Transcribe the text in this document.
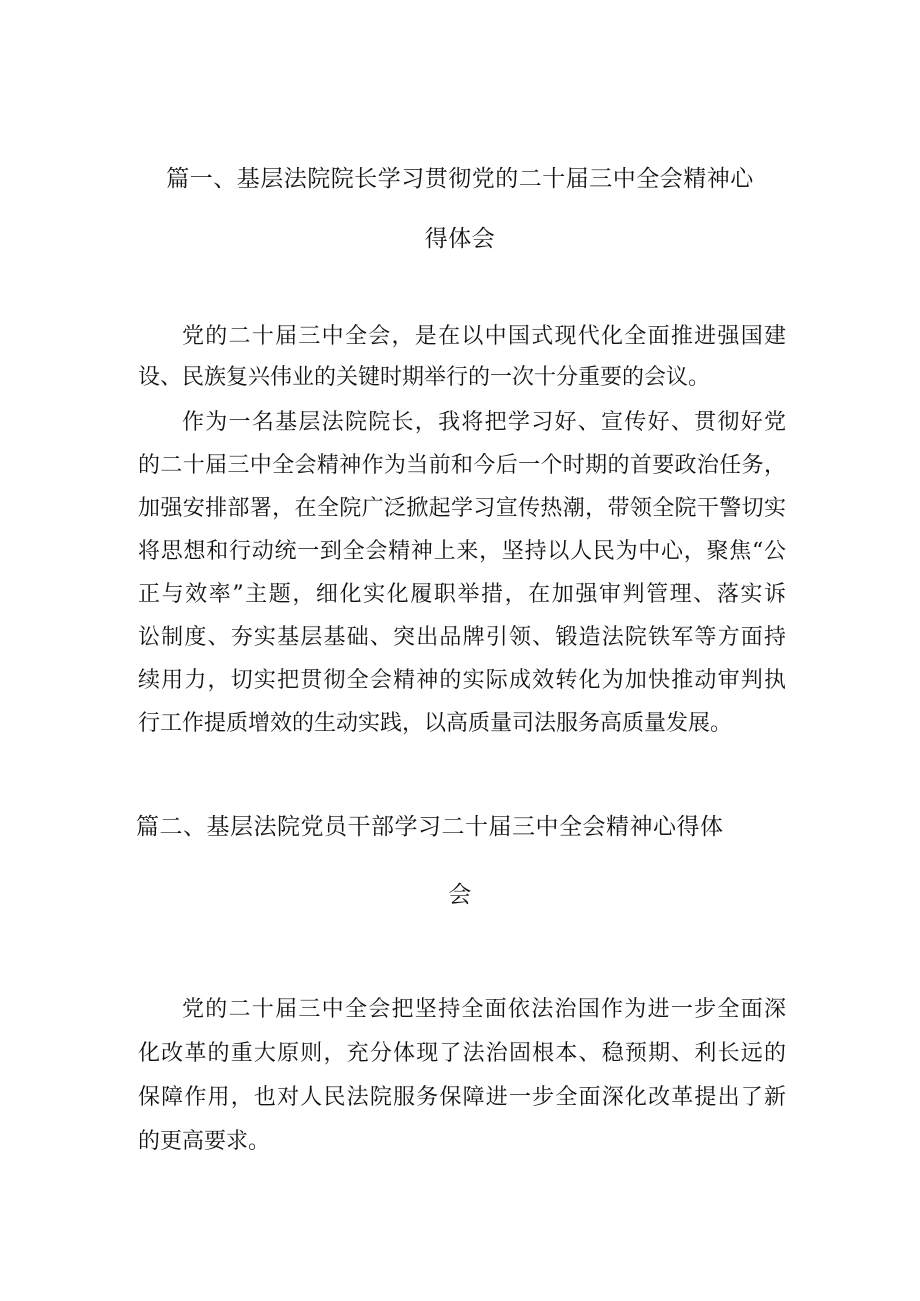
篇一、基层法院院长学习贯彻党的二十届三中全会精神心
得体会
党的二十届三中全会，是在以中国式现代化全面推进强国建
设、民族复兴伟业的关键时期举行的一次十分重要的会议。
作为一名基层法院院长，我将把学习好、宣传好、贯彻好党
的二十届三中全会精神作为当前和今后一个时期的首要政治任务，
加强安排部署，在全院广泛掀起学习宣传热潮，带领全院干警切实
将思想和行动统一到全会精神上来，坚持以人民为中心，聚焦“公
正与效率”主题，细化实化履职举措，在加强审判管理、落实诉
讼制度、夯实基层基础、突出品牌引领、锻造法院铁军等方面持
续用力，切实把贯彻全会精神的实际成效转化为加快推动审判执
行工作提质增效的生动实践，以高质量司法服务高质量发展。
篇二、基层法院党员干部学习二十届三中全会精神心得体
会
党的二十届三中全会把坚持全面依法治国作为进一步全面深
化改革的重大原则，充分体现了法治固根本、稳预期、利长远的
保障作用，也对人民法院服务保障进一步全面深化改革提出了新
的更高要求。
